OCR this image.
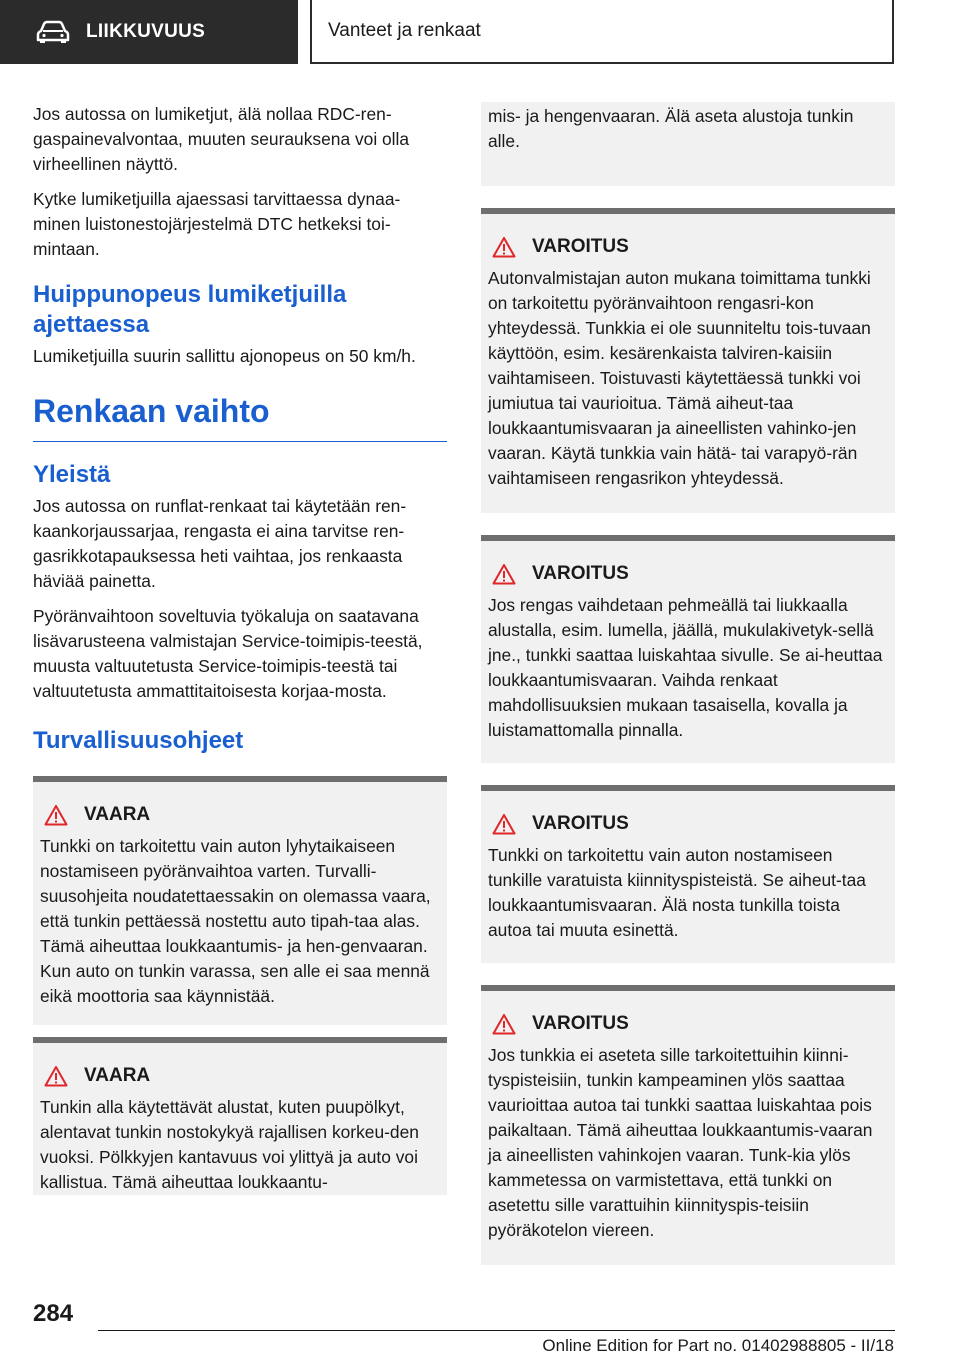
LIIKKUVUUS	Vanteet ja renkaat

Jos autossa on lumiketjut, älä nollaa RDC-ren-gaspainevalvontaa, muuten seurauksena voi olla virheellinen näyttö.

Kytke lumiketjuilla ajaessasi tarvittaessa dynaa-minen luistonestojärjestelmä DTC hetkeksi toi-mintaan.

Huippunopeus lumiketjuilla ajettaessa

Lumiketjuilla suurin sallittu ajonopeus on 50 km/h.

Renkaan vaihto
Yleistä

Jos autossa on runflat-renkaat tai käytetään ren-kaankorjaussarjaa, rengasta ei aina tarvitse ren-gasrikkotapauksessa heti vaihtaa, jos renkaasta häviää painetta.

Pyöränvaihtoon soveltuvia työkaluja on saatavana lisävarusteena valmistajan Service-toimipis-teestä, muusta valtuutetusta Service-toimipis-teestä tai valtuutetusta ammattitaitoisesta korjaa-mosta.

Turvallisuusohjeet
VAARA

Tunkki on tarkoitettu vain auton lyhytaikaiseen nostamiseen pyöränvaihtoa varten. Turvalli-suusohjeita noudatettaessakin on olemassa vaara, että tunkin pettäessä nostettu auto tipah-taa alas. Tämä aiheuttaa loukkaantumis- ja hen-genvaaran. Kun auto on tunkin varassa, sen alle ei saa mennä eikä moottoria saa käynnistää.

VAARA

Tunkin alla käytettävät alustat, kuten puupölkyt, alentavat tunkin nostokykyä rajallisen korkeu-den vuoksi. Pölkkyjen kantavuus voi ylittyä ja auto voi kallistua. Tämä aiheuttaa loukkaantu-

mis- ja hengenvaaran. Älä aseta alustoja tunkin alle.

VAROITUS

Autonvalmistajan auton mukana toimittama tunkki on tarkoitettu pyöränvaihtoon rengasri-kon yhteydessä. Tunkkia ei ole suunniteltu tois-tuvaan käyttöön, esim. kesärenkaista talviren-kaisiin vaihtamiseen. Toistuvasti käytettäessä tunkki voi jumiutua tai vaurioitua. Tämä aiheut-taa loukkaantumisvaaran ja aineellisten vahinko-jen vaaran. Käytä tunkkia vain hätä- tai varapyö-rän vaihtamiseen rengasrikon yhteydessä.

VAROITUS

Jos rengas vaihdetaan pehmeällä tai liukkaalla alustalla, esim. lumella, jäällä, mukulakivetyk-sellä jne., tunkki saattaa luiskahtaa sivulle. Se ai-heuttaa loukkaantumisvaaran. Vaihda renkaat mahdollisuuksien mukaan tasaisella, kovalla ja luistamattomalla pinnalla.

VAROITUS

Tunkki on tarkoitettu vain auton nostamiseen tunkille varatuista kiinnityspisteistä. Se aiheut-taa loukkaantumisvaaran. Älä nosta tunkilla toista autoa tai muuta esinettä.

VAROITUS

Jos tunkkia ei aseteta sille tarkoitettuihin kiinni-tyspisteisiin, tunkin kampeaminen ylös saattaa vaurioittaa autoa tai tunkki saattaa luiskahtaa pois paikaltaan. Tämä aiheuttaa loukkaantumis-vaaran ja aineellisten vahinkojen vaaran. Tunk-kia ylös kammetessa on varmistettava, että tunkki on asetettu sille varattuihin kiinnityspis-teisiin pyöräkotelon viereen.

284
Online Edition for Part no. 01402988805 - II/18
